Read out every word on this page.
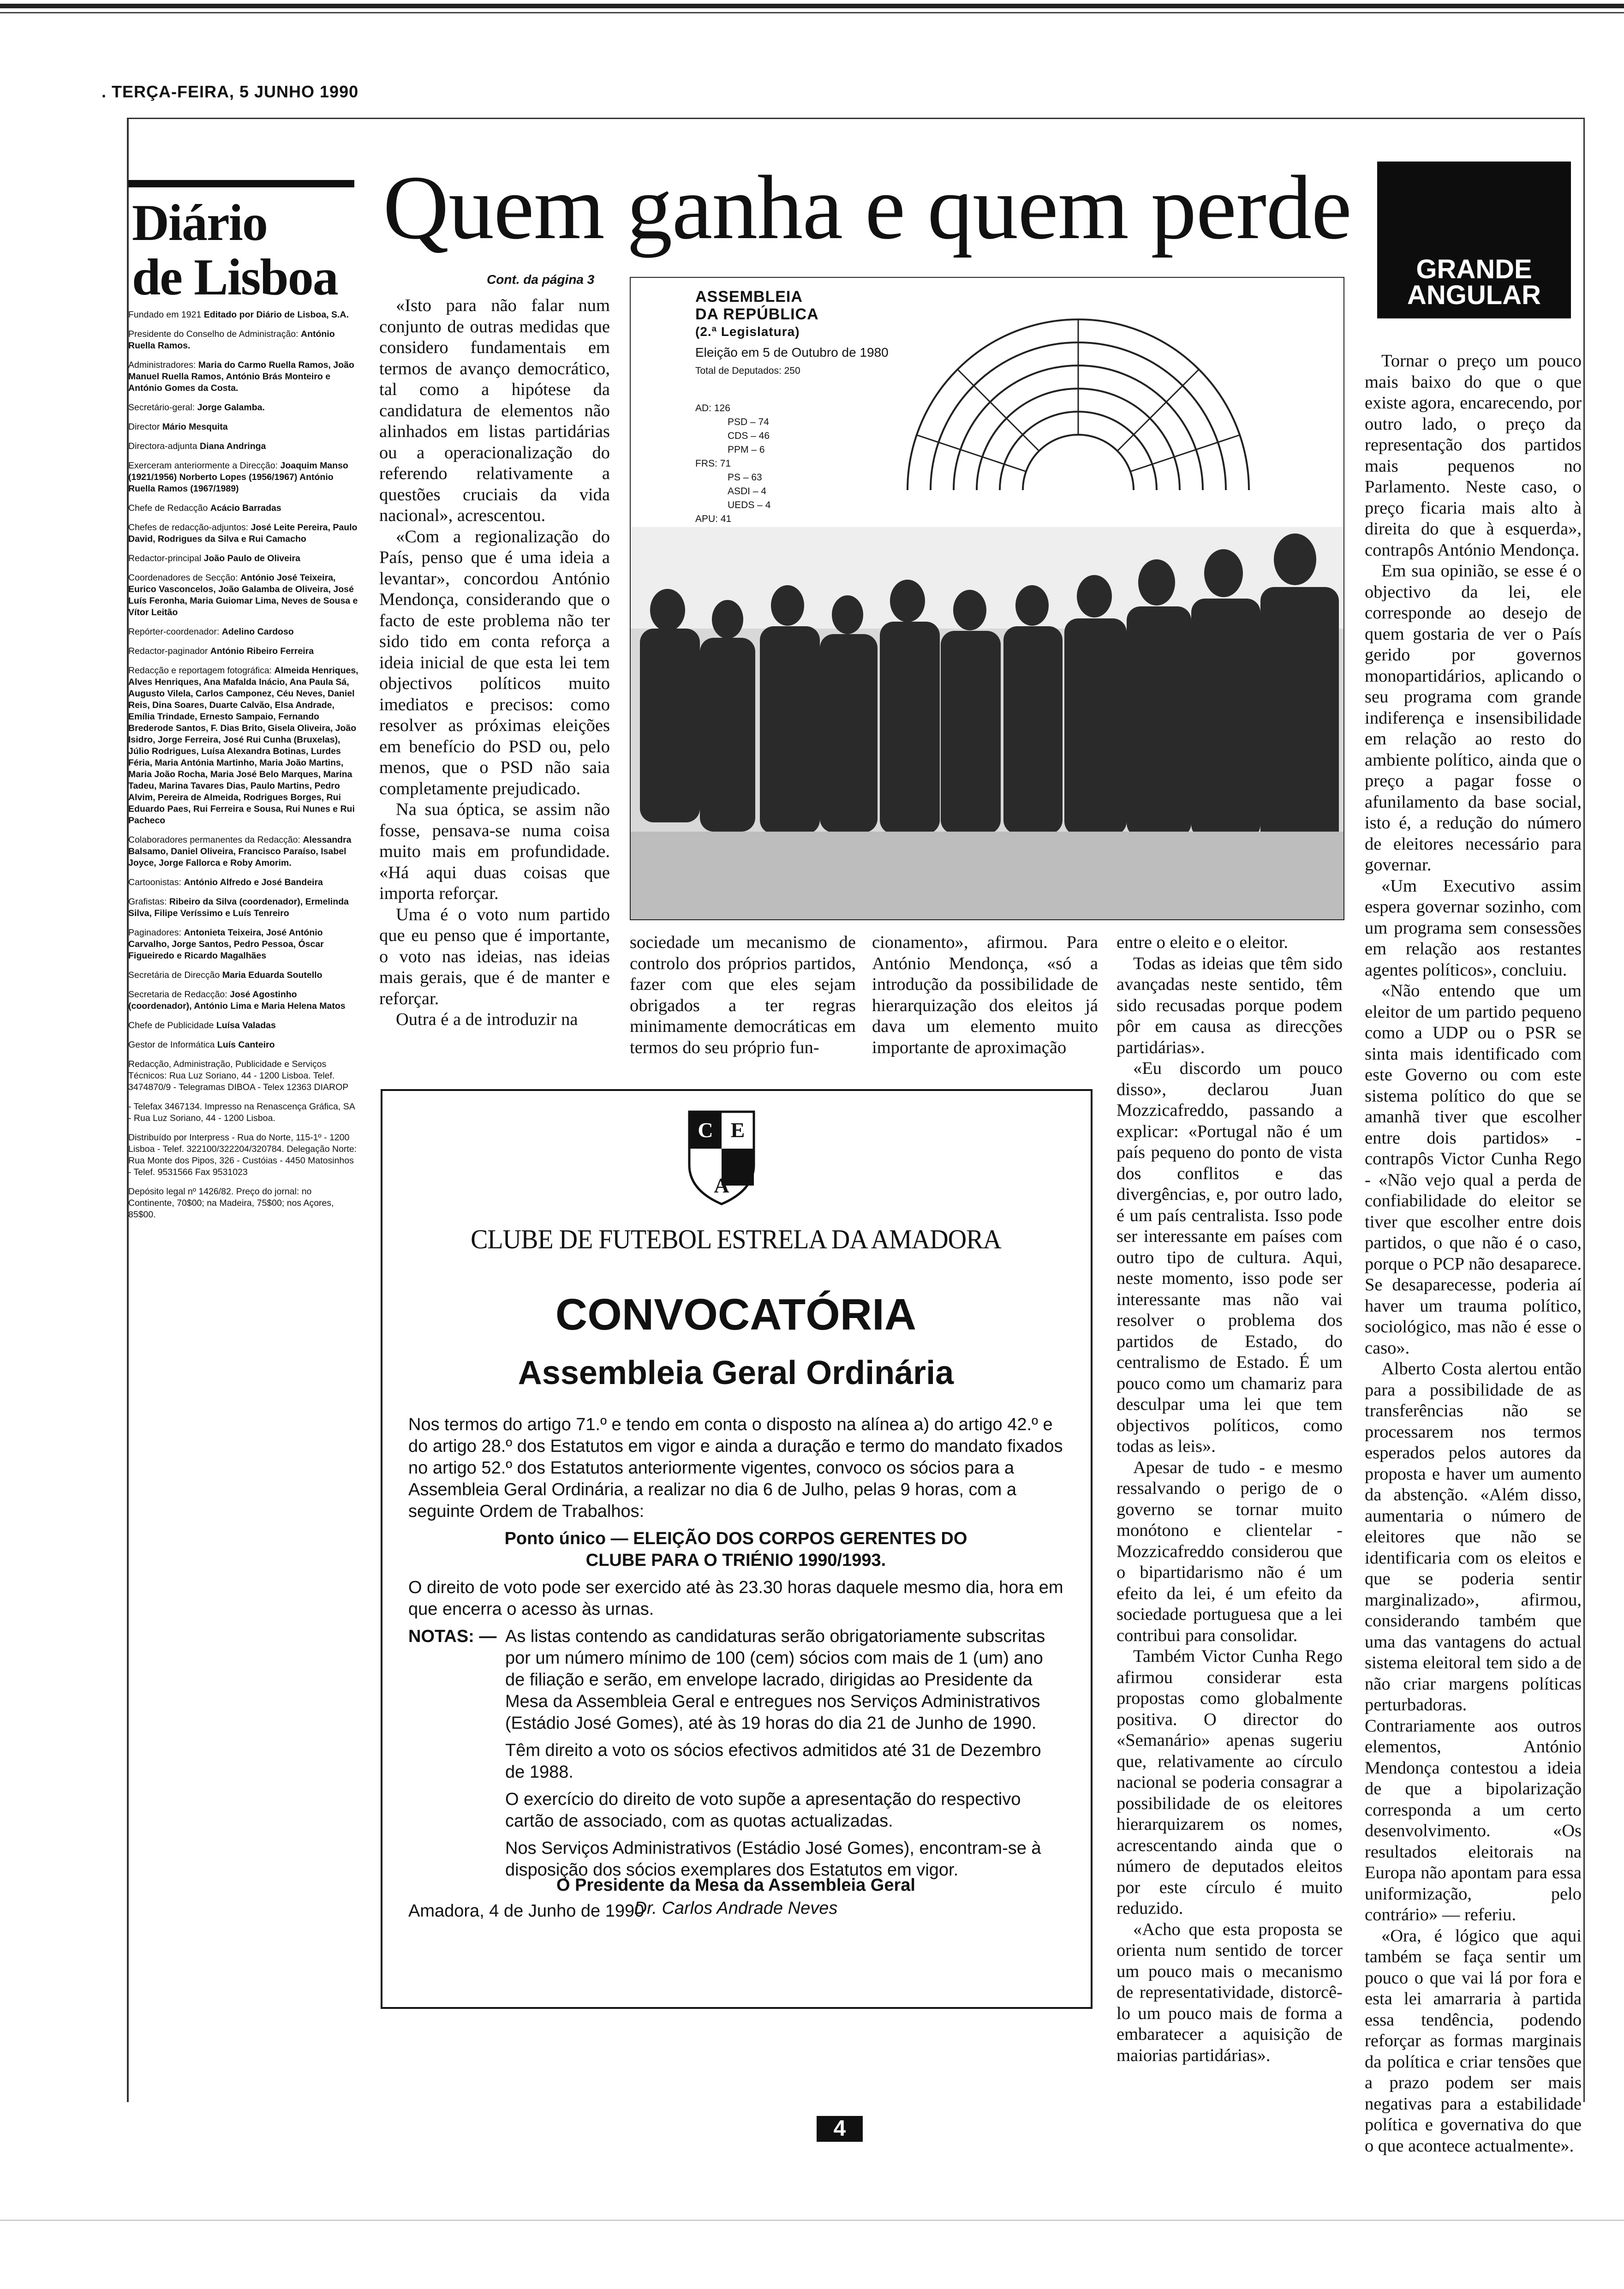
. TERÇA-FEIRA, 5 JUNHO 1990
Diário
de Lisboa

Fundado em 1921 Editado por Diário de Lisboa, S.A.

Presidente do Conselho de Administração: António Ruella Ramos.

Administradores: Maria do Carmo Ruella Ramos, João Manuel Ruella Ramos, António Brás Monteiro e António Gomes da Costa.

Secretário-geral: Jorge Galamba.

Director Mário Mesquita

Directora-adjunta Diana Andringa

Exerceram anteriormente a Direcção: Joaquim Manso (1921/1956) Norberto Lopes (1956/1967) António Ruella Ramos (1967/1989)

Chefe de Redacção Acácio Barradas

Chefes de redacção-adjuntos: José Leite Pereira, Paulo David, Rodrigues da Silva e Rui Camacho

Redactor-principal João Paulo de Oliveira

Coordenadores de Secção: António José Teixeira, Eurico Vasconcelos, João Galamba de Oliveira, José Luís Feronha, Maria Guiomar Lima, Neves de Sousa e Vítor Leitão

Repórter-coordenador: Adelino Cardoso

Redactor-paginador António Ribeiro Ferreira

Redacção e reportagem fotográfica: Almeida Henriques, Alves Henriques, Ana Mafalda Inácio, Ana Paula Sá, Augusto Vilela, Carlos Camponez, Céu Neves, Daniel Reis, Dina Soares, Duarte Calvão, Elsa Andrade, Emília Trindade, Ernesto Sampaio, Fernando Brederode Santos, F. Dias Brito, Gisela Oliveira, João Isidro, Jorge Ferreira, José Rui Cunha (Bruxelas), Júlio Rodrigues, Luísa Alexandra Botinas, Lurdes Féria, Maria Antónia Martinho, Maria João Martins, Maria João Rocha, Maria José Belo Marques, Marina Tadeu, Marina Tavares Dias, Paulo Martins, Pedro Alvim, Pereira de Almeida, Rodrigues Borges, Rui Eduardo Paes, Rui Ferreira e Sousa, Rui Nunes e Rui Pacheco

Colaboradores permanentes da Redacção: Alessandra Balsamo, Daniel Oliveira, Francisco Paraíso, Isabel Joyce, Jorge Fallorca e Roby Amorim.

Cartoonistas: António Alfredo e José Bandeira

Grafistas: Ribeiro da Silva (coordenador), Ermelinda Silva, Filipe Veríssimo e Luís Tenreiro

Paginadores: Antonieta Teixeira, José António Carvalho, Jorge Santos, Pedro Pessoa, Óscar Figueiredo e Ricardo Magalhães

Secretária de Direcção Maria Eduarda Soutello

Secretaria de Redacção: José Agostinho (coordenador), António Lima e Maria Helena Matos

Chefe de Publicidade Luísa Valadas

Gestor de Informática Luís Canteiro

Redacção, Administração, Publicidade e Serviços Técnicos: Rua Luz Soriano, 44 - 1200 Lisboa. Telef. 3474870/9 - Telegramas DIBOA - Telex 12363 DIAROP

- Telefax 3467134. Impresso na Renascença Gráfica, SA - Rua Luz Soriano, 44 - 1200 Lisboa.

Distribuído por Interpress - Rua do Norte, 115-1º - 1200 Lisboa - Telef. 322100/322204/320784. Delegação Norte: Rua Monte dos Pipos, 326 - Custóias - 4450 Matosinhos - Telef. 9531566 Fax 9531023

Depósito legal nº 1426/82. Preço do jornal: no Continente, 70$00; na Madeira, 75$00; nos Açores, 85$00.

Quem ganha e quem perde
GRANDE ANGULAR
Cont. da página 3

«Isto para não falar num conjunto de outras medidas que considero fundamentais em termos de avanço democrático, tal como a hipótese da candidatura de elementos não alinhados em listas partidárias ou a operacionalização do referendo relativamente a questões cruciais da vida nacional», acrescentou.

«Com a regionalização do País, penso que é uma ideia a levantar», concordou António Mendonça, considerando que o facto de este problema não ter sido tido em conta reforça a ideia inicial de que esta lei tem objectivos políticos muito imediatos e precisos: como resolver as próximas eleições em benefício do PSD ou, pelo menos, que o PSD não saia completamente prejudicado.

Na sua óptica, se assim não fosse, pensava-se numa coisa muito mais em profundidade. «Há aqui duas coisas que importa reforçar.

Uma é o voto num partido que eu penso que é importante, o voto nas ideias, nas ideias mais gerais, que é de manter e reforçar.

Outra é a de introduzir na

ASSEMBLEIA
DA REPÚBLICA
(2.ª Legislatura)
Eleição em 5 de Outubro de 1980
Total de Deputados: 250
AD: 126
PSD – 74
CDS – 46
PPM – 6
FRS: 71
PS – 63
ASDI – 4
UEDS – 4
APU: 41

sociedade um mecanismo de controlo dos próprios partidos, fazer com que eles sejam obrigados a ter regras minimamente democráticas em termos do seu próprio fun-

cionamento», afirmou. Para António Mendonça, «só a introdução da possibilidade de hierarquização dos eleitos já dava um elemento muito importante de aproximação

entre o eleito e o eleitor.

Todas as ideias que têm sido avançadas neste sentido, têm sido recusadas porque podem pôr em causa as direcções partidárias».

«Eu discordo um pouco disso», declarou Juan Mozzicafreddo, passando a explicar: «Portugal não é um país pequeno do ponto de vista dos conflitos e das divergências, e, por outro lado, é um país centralista. Isso pode ser interessante em países com outro tipo de cultura. Aqui, neste momento, isso pode ser interessante mas não vai resolver o problema dos partidos de Estado, do centralismo de Estado. É um pouco como um chamariz para desculpar uma lei que tem objectivos políticos, como todas as leis».

Apesar de tudo - e mesmo ressalvando o perigo de o governo se tornar muito monótono e clientelar - Mozzicafreddo considerou que o bipartidarismo não é um efeito da lei, é um efeito da sociedade portuguesa que a lei contribui para consolidar.

Também Victor Cunha Rego afirmou considerar esta propostas como globalmente positiva. O director do «Semanário» apenas sugeriu que, relativamente ao círculo nacional se poderia consagrar a possibilidade de os eleitores hierarquizarem os nomes, acrescentando ainda que o número de deputados eleitos por este círculo é muito reduzido.

«Acho que esta proposta se orienta num sentido de torcer um pouco mais o mecanismo de representatividade, distorcê-lo um pouco mais de forma a embaratecer a aquisição de maiorias partidárias».

Tornar o preço um pouco mais baixo do que o que existe agora, encarecendo, por outro lado, o preço da representação dos partidos mais pequenos no Parlamento. Neste caso, o preço ficaria mais alto à direita do que à esquerda», contrapôs António Mendonça.

Em sua opinião, se esse é o objectivo da lei, ele corresponde ao desejo de quem gostaria de ver o País gerido por governos monopartidários, aplicando o seu programa com grande indiferença e insensibilidade em relação ao resto do ambiente político, ainda que o preço a pagar fosse o afunilamento da base social, isto é, a redução do número de eleitores necessário para governar.

«Um Executivo assim espera governar sozinho, com um programa sem consessões em relação aos restantes agentes políticos», concluiu.

«Não entendo que um eleitor de um partido pequeno como a UDP ou o PSR se sinta mais identificado com este Governo ou com este sistema político do que se amanhã tiver que escolher entre dois partidos» - contrapôs Victor Cunha Rego - «Não vejo qual a perda de confiabilidade do eleitor se tiver que escolher entre dois partidos, o que não é o caso, porque o PCP não desaparece. Se desaparecesse, poderia aí haver um trauma político, sociológico, mas não é esse o caso».

Alberto Costa alertou então para a possibilidade de as transferências não se processarem nos termos esperados pelos autores da proposta e haver um aumento da abstenção. «Além disso, aumentaria o número de eleitores que não se identificaria com os eleitos e que se poderia sentir marginalizado», afirmou, considerando também que uma das vantagens do actual sistema eleitoral tem sido a de não criar margens políticas perturbadoras. Contrariamente aos outros elementos, António Mendonça contestou a ideia de que a bipolarização corresponda a um certo desenvolvimento. «Os resultados eleitorais na Europa não apontam para essa uniformização, pelo contrário» — referiu.

«Ora, é lógico que aqui também se faça sentir um pouco o que vai lá por fora e esta lei amarraria à partida essa tendência, podendo reforçar as formas marginais da política e criar tensões que a prazo podem ser mais negativas para a estabilidade política e governativa do que o que acontece actualmente».

C E
A
CLUBE DE FUTEBOL ESTRELA DA AMADORA
CONVOCATÓRIA
Assembleia Geral Ordinária

Nos termos do artigo 71.º e tendo em conta o disposto na alínea a) do artigo 42.º e do artigo 28.º dos Estatutos em vigor e ainda a duração e termo do mandato fixados no artigo 52.º dos Estatutos anteriormente vigentes, convoco os sócios para a Assembleia Geral Ordinária, a realizar no dia 6 de Julho, pelas 9 horas, com a seguinte Ordem de Trabalhos:

Ponto único — ELEIÇÃO DOS CORPOS GERENTES DO CLUBE PARA O TRIÉNIO 1990/1993.

O direito de voto pode ser exercido até às 23.30 horas daquele mesmo dia, hora em que encerra o acesso às urnas.

NOTAS: — As listas contendo as candidaturas serão obrigatoriamente subscritas por um número mínimo de 100 (cem) sócios com mais de 1 (um) ano de filiação e serão, em envelope lacrado, dirigidas ao Presidente da Mesa da Assembleia Geral e entregues nos Serviços Administrativos (Estádio José Gomes), até às 19 horas do dia 21 de Junho de 1990.

Têm direito a voto os sócios efectivos admitidos até 31 de Dezembro de 1988.

O exercício do direito de voto supõe a apresentação do respectivo cartão de associado, com as quotas actualizadas.

Nos Serviços Administrativos (Estádio José Gomes), encontram-se à disposição dos sócios exemplares dos Estatutos em vigor.

Amadora, 4 de Junho de 1990

O Presidente da Mesa da Assembleia Geral
Dr. Carlos Andrade Neves
4
